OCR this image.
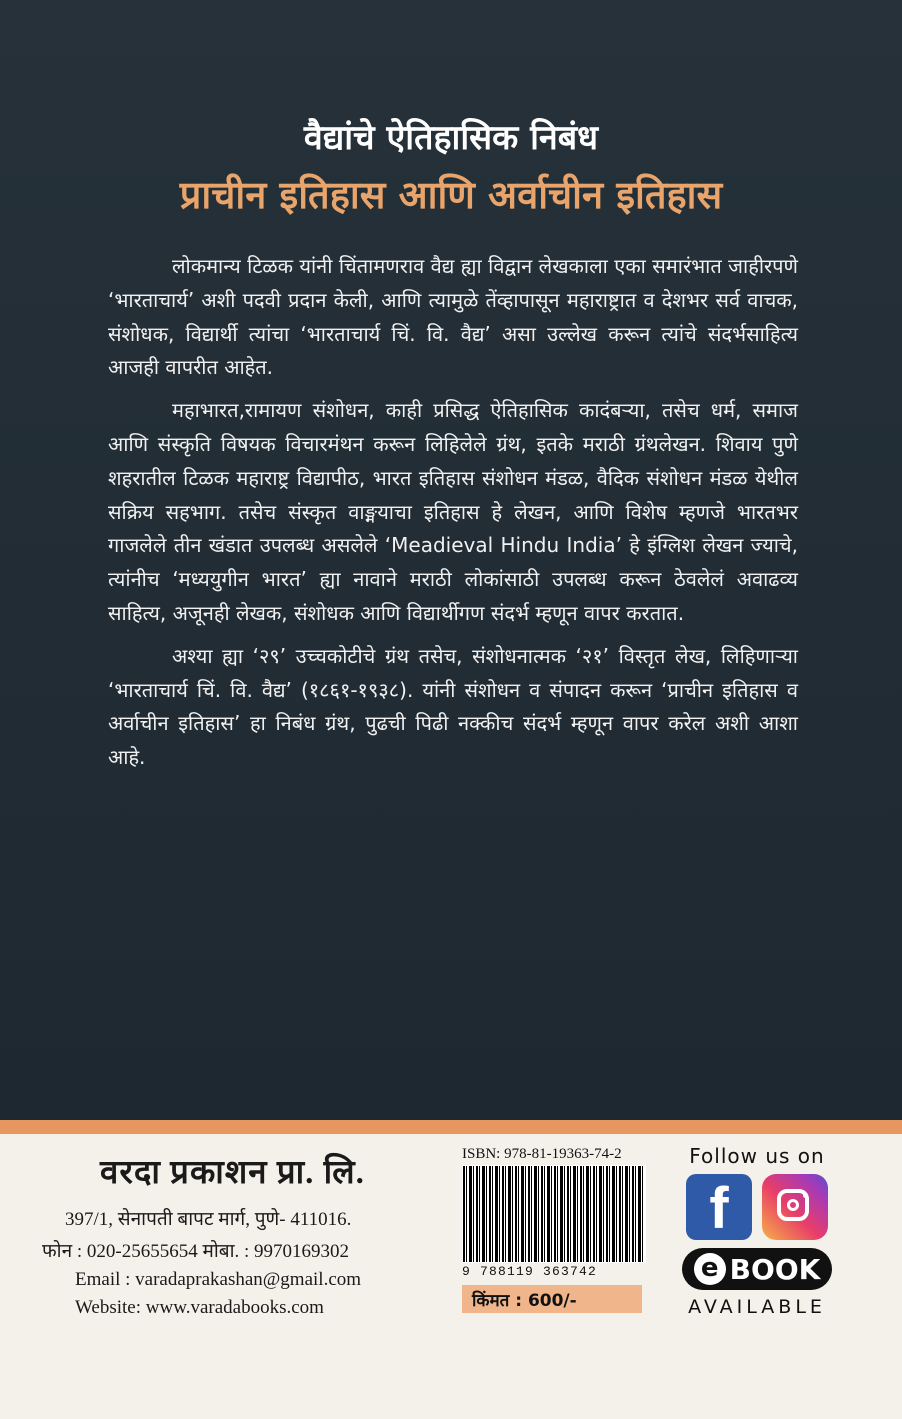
वैद्यांचे ऐतिहासिक निबंध
प्राचीन इतिहास आणि अर्वाचीन इतिहास

लोकमान्य टिळक यांनी चिंतामणराव वैद्य ह्या विद्वान लेखकाला एका समारंभात जाहीरपणे ‘भारताचार्य’ अशी पदवी प्रदान केली, आणि त्यामुळे तेंव्हापासून महाराष्ट्रात व देशभर सर्व वाचक, संशोधक, विद्यार्थी त्यांचा ‘भारताचार्य चिं. वि. वैद्य’ असा उल्लेख करून त्यांचे संदर्भसाहित्य आजही वापरीत आहेत.

महाभारत,रामायण संशोधन, काही प्रसिद्ध ऐतिहासिक कादंबऱ्या, तसेच धर्म, समाज आणि संस्कृति विषयक विचारमंथन करून लिहिलेले ग्रंथ, इतके मराठी ग्रंथलेखन. शिवाय पुणे शहरातील टिळक महाराष्ट्र विद्यापीठ, भारत इतिहास संशोधन मंडळ, वैदिक संशोधन मंडळ येथील सक्रिय सहभाग. तसेच संस्कृत वाङ्मयाचा इतिहास हे लेखन, आणि विशेष म्हणजे भारतभर गाजलेले तीन खंडात उपलब्ध असलेले ‘Meadieval Hindu India’ हे इंग्लिश लेखन ज्याचे, त्यांनीच ‘मध्ययुगीन भारत’ ह्या नावाने मराठी लोकांसाठी उपलब्ध करून ठेवलेलं अवाढव्य साहित्य, अजूनही लेखक, संशोधक आणि विद्यार्थीगण संदर्भ म्हणून वापर करतात.

अश्या ह्या ‘२९’ उच्चकोटीचे ग्रंथ तसेच, संशोधनात्मक ‘२१’ विस्तृत लेख, लिहिणाऱ्या ‘भारताचार्य चिं. वि. वैद्य’ (१८६१-१९३८). यांनी संशोधन व संपादन करून ‘प्राचीन इतिहास व अर्वाचीन इतिहास’ हा निबंध ग्रंथ, पुढची पिढी नक्कीच संदर्भ म्हणून वापर करेल अशी आशा आहे.

वरदा प्रकाशन प्रा. लि.
397/1, सेनापती बापट मार्ग, पुणे- 411016.
फोन : 020-25655654 मोबा. : 9970169302
Email : varadaprakashan@gmail.com
Website: www.varadabooks.com
ISBN: 978-81-19363-74-2
9 788119 363742
किंमत : 600/-
Follow us on
f
e BOOK
AVAILABLE
